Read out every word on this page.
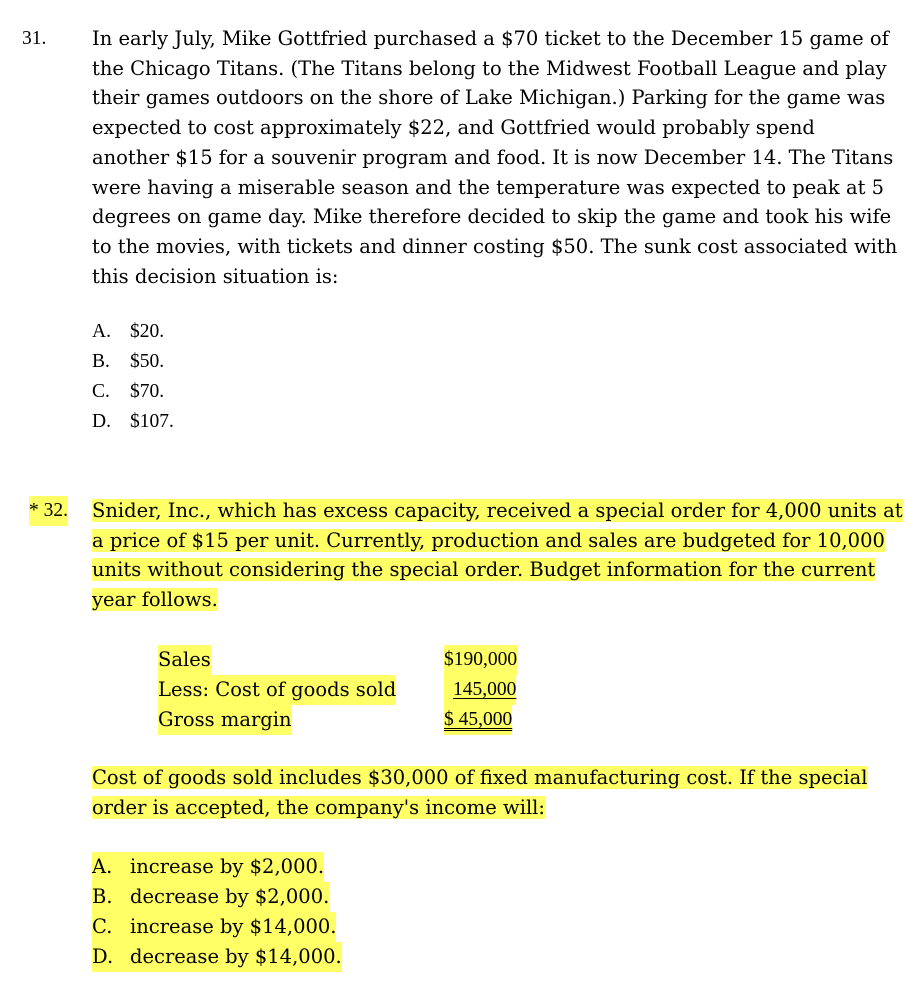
31. In early July, Mike Gottfried purchased a $70 ticket to the December 15 game of
the Chicago Titans. (The Titans belong to the Midwest Football League and play
their games outdoors on the shore of Lake Michigan.) Parking for the game was
expected to cost approximately $22, and Gottfried would probably spend
another $15 for a souvenir program and food. It is now December 14. The Titans
were having a miserable season and the temperature was expected to peak at 5
degrees on game day. Mike therefore decided to skip the game and took his wife
to the movies, with tickets and dinner costing $50. The sunk cost associated with
this decision situation is:
A. $20.
B. $50.
C. $70.
D. $107.
* 32. Snider, Inc., which has excess capacity, received a special order for 4,000 units at
a price of $15 per unit. Currently, production and sales are budgeted for 10,000
units without considering the special order. Budget information for the current
year follows.
Sales	$190,000
Less: Cost of goods sold	145,000
Gross margin	$ 45,000
Cost of goods sold includes $30,000 of fixed manufacturing cost. If the special
order is accepted, the company's income will:
A. increase by $2,000.
B. decrease by $2,000.
C. increase by $14,000.
D. decrease by $14,000.
